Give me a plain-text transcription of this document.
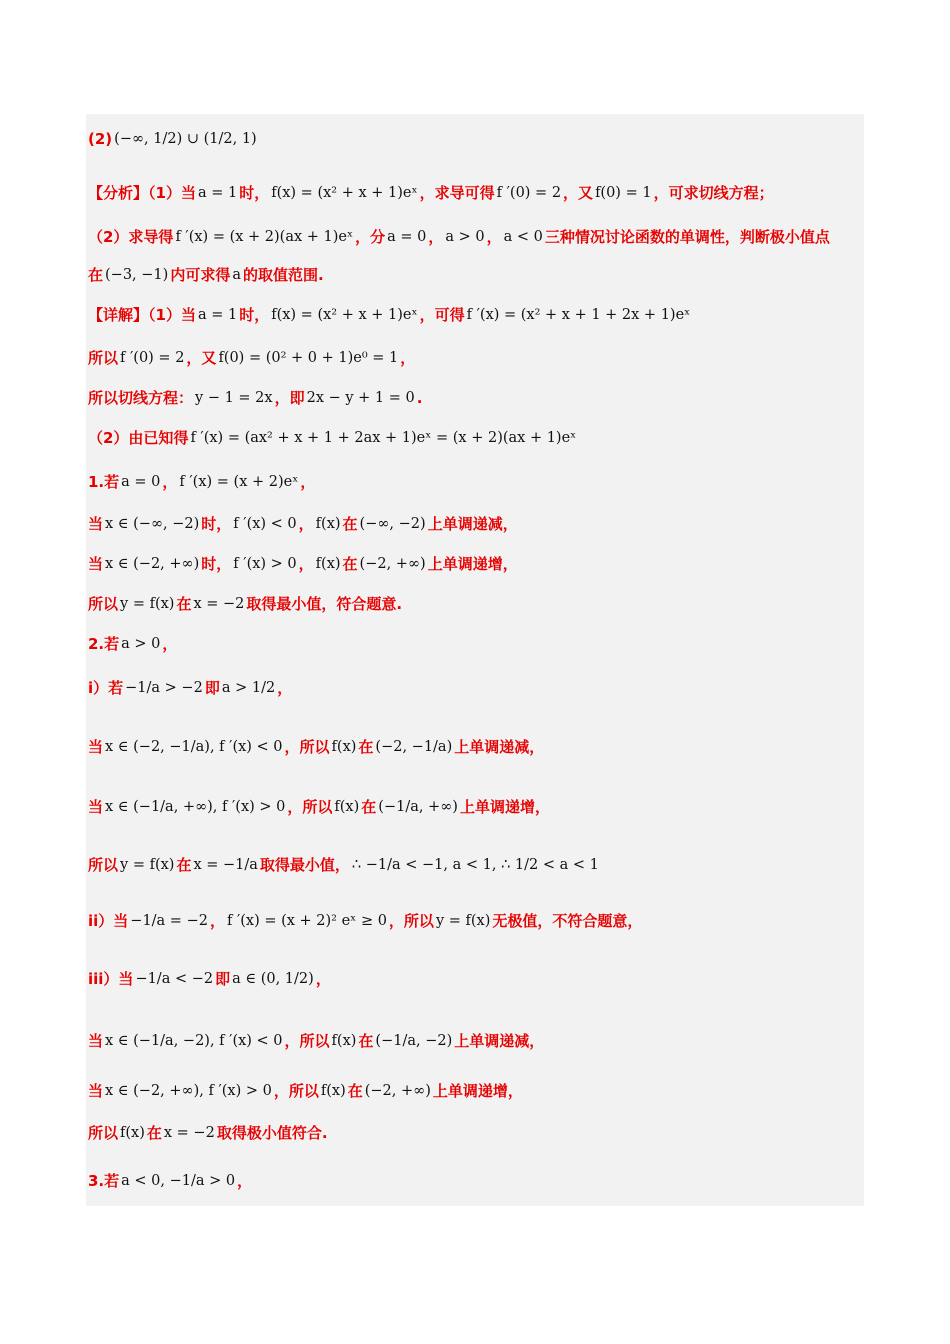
(2) (−∞, 1/2) ∪ (1/2, 1)
【分析】（1）当 a = 1 时， f(x) = (x² + x + 1)eˣ ，求导可得 f ′(0) = 2 ，又 f(0) = 1 ，可求切线方程；
（2）求导得 f ′(x) = (x + 2)(ax + 1)eˣ ，分 a = 0 ， a > 0 ， a < 0 三种情况讨论函数的单调性，判断极小值点
在 (−3, −1) 内可求得 a 的取值范围.
【详解】（1）当 a = 1 时， f(x) = (x² + x + 1)eˣ ，可得 f ′(x) = (x² + x + 1 + 2x + 1)eˣ
所以 f ′(0) = 2 ，又 f(0) = (0² + 0 + 1)e⁰ = 1 ，
所以切线方程： y − 1 = 2x ，即 2x − y + 1 = 0 .
（2）由已知得 f ′(x) = (ax² + x + 1 + 2ax + 1)eˣ = (x + 2)(ax + 1)eˣ
1.若 a = 0 ， f ′(x) = (x + 2)eˣ ，
当 x ∈ (−∞, −2) 时， f ′(x) < 0 ， f(x) 在 (−∞, −2) 上单调递减，
当 x ∈ (−2, +∞) 时， f ′(x) > 0 ， f(x) 在 (−2, +∞) 上单调递增，
所以 y = f(x) 在 x = −2 取得最小值，符合题意.
2.若 a > 0 ，
i）若 −1/a > −2 即 a > 1/2 ，
当 x ∈ (−2, −1/a), f ′(x) < 0 ，所以 f(x) 在 (−2, −1/a) 上单调递减，
当 x ∈ (−1/a, +∞), f ′(x) > 0 ，所以 f(x) 在 (−1/a, +∞) 上单调递增，
所以 y = f(x) 在 x = −1/a 取得最小值， ∴ −1/a < −1, a < 1, ∴ 1/2 < a < 1
ii）当 −1/a = −2 ， f ′(x) = (x + 2)² eˣ ≥ 0 ，所以 y = f(x) 无极值，不符合题意，
iii）当 −1/a < −2 即 a ∈ (0, 1/2) ，
当 x ∈ (−1/a, −2), f ′(x) < 0 ，所以 f(x) 在 (−1/a, −2) 上单调递减，
当 x ∈ (−2, +∞), f ′(x) > 0 ，所以 f(x) 在 (−2, +∞) 上单调递增，
所以 f(x) 在 x = −2 取得极小值符合.
3.若 a < 0, −1/a > 0 ，
